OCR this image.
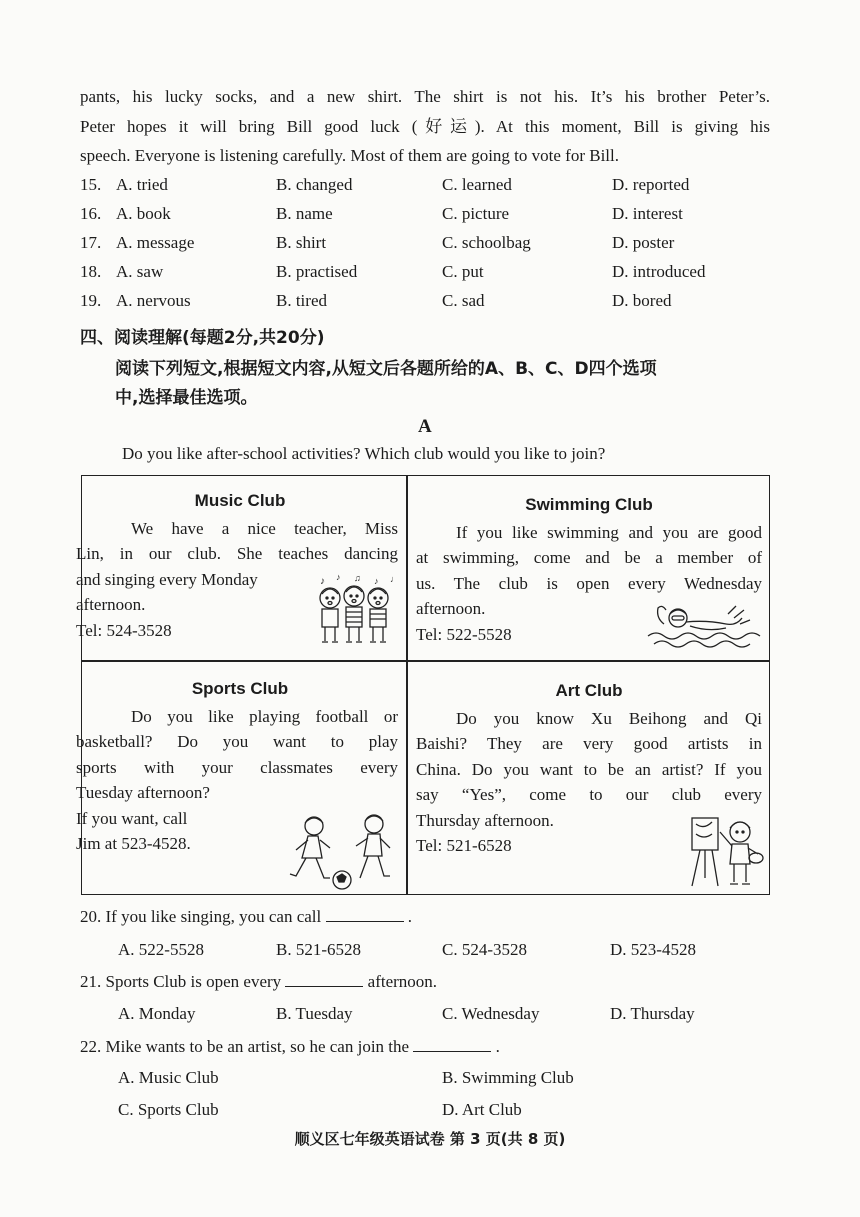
pants, his lucky socks, and a new shirt. The shirt is not his. It’s his brother Peter’s.

Peter hopes it will bring Bill good luck (好运). At this moment, Bill is giving his

speech. Everyone is listening carefully. Most of them are going to vote for Bill.

15. A. tried	B. changed	C. learned	D. reported
16. A. book	B. name	C. picture	D. interest
17. A. message	B. shirt	C. schoolbag	D. poster
18. A. saw	B. practised	C. put	D. introduced
19. A. nervous	B. tired	C. sad	D. bored
四、阅读理解(每题2分,共20分)

阅读下列短文,根据短文内容,从短文后各题所给的A、B、C、D四个选项

中,选择最佳选项。

A
Do you like after-school activities? Which club would you like to join?
Music Club
We have a nice teacher, Miss
Lin, in our club. She teaches dancing
and singing every Monday
afternoon.
Tel: 524-3528
♪ ♪ ♫ ♪ ♩
Swimming Club
If you like swimming and you are good
at swimming, come and be a member of
us. The club is open every Wednesday
afternoon.
Tel: 522-5528
Sports Club
Do you like playing football or
basketball? Do you want to play
sports with your classmates every
Tuesday afternoon?
If you want, call
Jim at 523-4528.
Art Club
Do you know Xu Beihong and Qi
Baishi? They are very good artists in
China. Do you want to be an artist? If you
say “Yes”, come to our club every
Thursday afternoon.
Tel: 521-6528
20. If you like singing, you can call	.
A. 522-5528	B. 521-6528	C. 524-3528	D. 523-4528
21. Sports Club is open every	afternoon.
A. Monday	B. Tuesday	C. Wednesday	D. Thursday
22. Mike wants to be an artist, so he can join the	.
A. Music Club	B. Swimming Club
C. Sports Club	D. Art Club
顺义区七年级英语试卷 第 3 页(共 8 页)
